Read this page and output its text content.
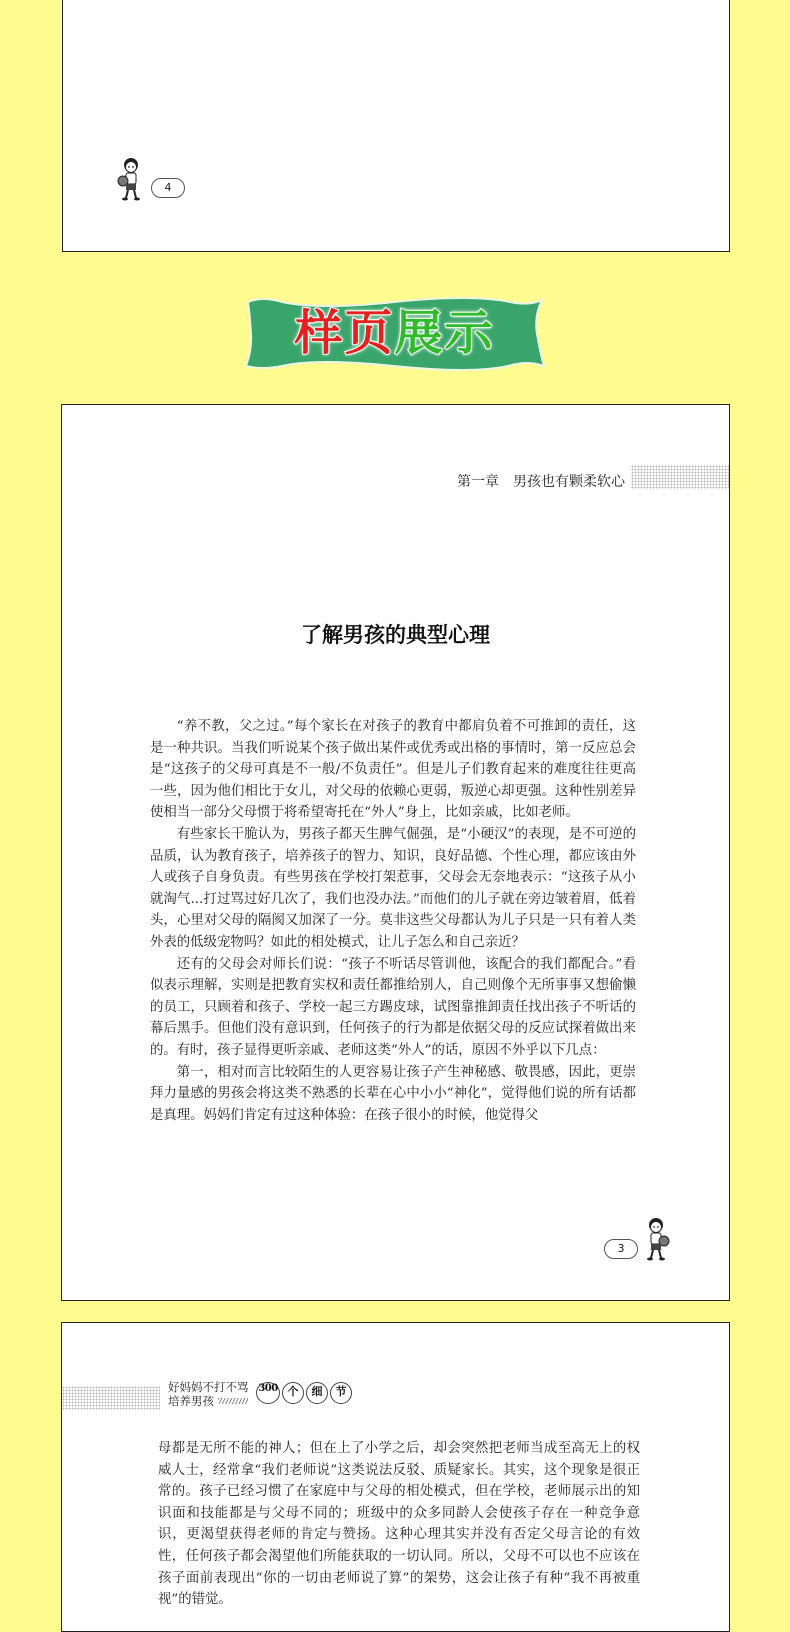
4
样页展示
第一章　男孩也有颗柔软心
了解男孩的典型心理

“养不教，父之过。”每个家长在对孩子的教育中都肩负着不可推卸的责任，这是一种共识。当我们听说某个孩子做出某件或优秀或出格的事情时，第一反应总会是“这孩子的父母可真是不一般/不负责任”。但是儿子们教育起来的难度往往更高一些，因为他们相比于女儿，对父母的依赖心更弱，叛逆心却更强。这种性别差异使相当一部分父母惯于将希望寄托在“外人”身上，比如亲戚，比如老师。

有些家长干脆认为，男孩子都天生脾气倔强，是“小硬汉”的表现，是不可逆的品质，认为教育孩子，培养孩子的智力、知识，良好品德、个性心理，都应该由外人或孩子自身负责。有些男孩在学校打架惹事，父母会无奈地表示：“这孩子从小就淘气...打过骂过好几次了，我们也没办法。”而他们的儿子就在旁边皱着眉，低着头，心里对父母的隔阂又加深了一分。莫非这些父母都认为儿子只是一只有着人类外表的低级宠物吗？如此的相处模式，让儿子怎么和自己亲近？

还有的父母会对师长们说：“孩子不听话尽管训他，该配合的我们都配合。”看似表示理解，实则是把教育实权和责任都推给别人，自己则像个无所事事又想偷懒的员工，只顾着和孩子、学校一起三方踢皮球，试图靠推卸责任找出孩子不听话的幕后黑手。但他们没有意识到，任何孩子的行为都是依据父母的反应试探着做出来的。有时，孩子显得更听亲戚、老师这类“外人”的话，原因不外乎以下几点：

第一，相对而言比较陌生的人更容易让孩子产生神秘感、敬畏感，因此，更崇拜力量感的男孩会将这类不熟悉的长辈在心中小小“神化”，觉得他们说的所有话都是真理。妈妈们肯定有过这种体验：在孩子很小的时候，他觉得父

3
好妈妈不打不骂
培养男孩
300 个	细	节

母都是无所不能的神人；但在上了小学之后，却会突然把老师当成至高无上的权威人士，经常拿“我们老师说”这类说法反驳、质疑家长。其实，这个现象是很正常的。孩子已经习惯了在家庭中与父母的相处模式，但在学校，老师展示出的知识面和技能都是与父母不同的；班级中的众多同龄人会使孩子存在一种竞争意识，更渴望获得老师的肯定与赞扬。这种心理其实并没有否定父母言论的有效性，任何孩子都会渴望他们所能获取的一切认同。所以，父母不可以也不应该在孩子面前表现出“你的一切由老师说了算”的架势，这会让孩子有种“我不再被重视”的错觉。
